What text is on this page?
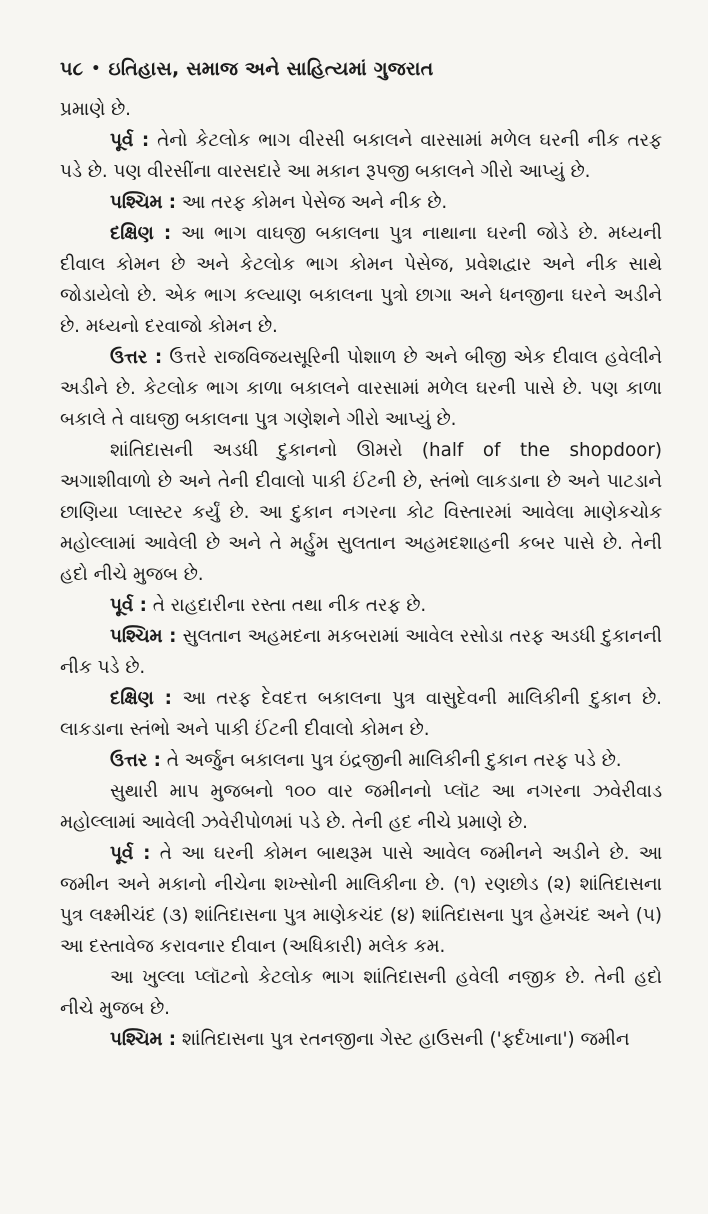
૫૮ • ઇતિહાસ, સમાજ અને સાહિત્યમાં ગુજરાત

પ્રમાણે છે.

પૂર્વ : તેનો કેટલોક ભાગ વીરસી બકાલને વારસામાં મળેલ ઘરની નીક તરફ પડે છે. પણ વીરસીંના વારસદારે આ મકાન રૂપજી બકાલને ગીરો આપ્યું છે.

પશ્ચિમ : આ તરફ કોમન પેસેજ અને નીક છે.

દક્ષિણ : આ ભાગ વાઘજી બકાલના પુત્ર નાથાના ઘરની જોડે છે. મધ્યની દીવાલ કોમન છે અને કેટલોક ભાગ કોમન પેસેજ, પ્રવેશદ્વાર અને નીક સાથે જોડાયેલો છે. એક ભાગ કલ્યાણ બકાલના પુત્રો છાગા અને ધનજીના ઘરને અડીને છે. મધ્યનો દરવાજો કોમન છે.

ઉત્તર : ઉત્તરે રાજવિજયસૂરિની પોશાળ છે અને બીજી એક દીવાલ હવેલીને અડીને છે. કેટલોક ભાગ કાળા બકાલને વારસામાં મળેલ ઘરની પાસે છે. પણ કાળા બકાલે તે વાઘજી બકાલના પુત્ર ગણેશને ગીરો આપ્યું છે.

શાંતિદાસની અડધી દુકાનનો ઊમરો (half of the shopdoor) અગાશીવાળો છે અને તેની દીવાલો પાકી ઈંટની છે, સ્તંભો લાકડાના છે અને પાટડાને છાણિયા પ્લાસ્ટર કર્યું છે. આ દુકાન નગરના કોટ વિસ્તારમાં આવેલા માણેકચોક મહોલ્લામાં આવેલી છે અને તે મર્હુમ સુલતાન અહમદશાહની કબર પાસે છે. તેની હદો નીચે મુજબ છે.

પૂર્વ : તે રાહદારીના રસ્તા તથા નીક તરફ છે.

પશ્ચિમ : સુલતાન અહમદના મકબરામાં આવેલ રસોડા તરફ અડધી દુકાનની નીક પડે છે.

દક્ષિણ : આ તરફ દેવદત્ત બકાલના પુત્ર વાસુદેવની માલિકીની દુકાન છે. લાકડાના સ્તંભો અને પાકી ઈંટની દીવાલો કોમન છે.

ઉત્તર : તે અર્જુન બકાલના પુત્ર ઇંદ્રજીની માલિકીની દુકાન તરફ પડે છે.

સુથારી માપ મુજબનો ૧૦૦ વાર જમીનનો પ્લૉટ આ નગરના ઝવેરીવાડ મહોલ્લામાં આવેલી ઝવેરીપોળમાં પડે છે. તેની હદ નીચે પ્રમાણે છે.

પૂર્વ : તે આ ઘરની કોમન બાથરૂમ પાસે આવેલ જમીનને અડીને છે. આ જમીન અને મકાનો નીચેના શખ્સોની માલિકીના છે. (૧) રણછોડ (૨) શાંતિદાસના પુત્ર લક્ષ્મીચંદ (૩) શાંતિદાસના પુત્ર માણેકચંદ (૪) શાંતિદાસના પુત્ર હેમચંદ અને (૫) આ દસ્તાવેજ કરાવનાર દીવાન (અધિકારી) મલેક કમ.

આ ખુલ્લા પ્લૉટનો કેટલોક ભાગ શાંતિદાસની હવેલી નજીક છે. તેની હદો નીચે મુજબ છે.

પશ્ચિમ : શાંતિદાસના પુત્ર રતનજીના ગેસ્ટ હાઉસની ('ફર્દખાના') જમીન
